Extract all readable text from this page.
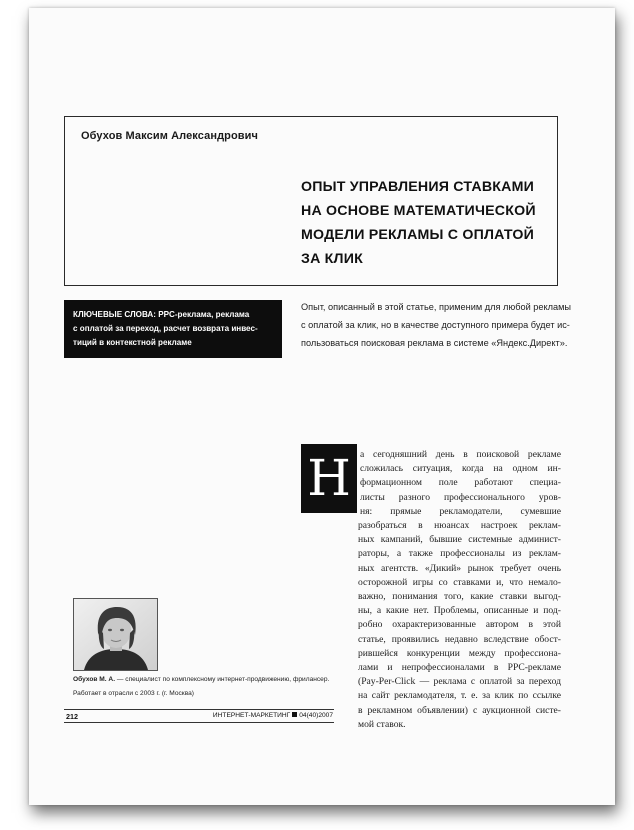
Обухов Максим Александрович
ОПЫТ УПРАВЛЕНИЯ СТАВКАМИ
НА ОСНОВЕ МАТЕМАТИЧЕСКОЙ
МОДЕЛИ РЕКЛАМЫ С ОПЛАТОЙ
ЗА КЛИК
КЛЮЧЕВЫЕ СЛОВА: PPC-реклама, реклама
с оплатой за переход, расчет возврата инвес-
тиций в контекстной рекламе
Опыт, описанный в этой статье, применим для любой рекламы
с оплатой за клик, но в качестве доступного примера будет ис-
пользоваться поисковая реклама в системе «Яндекс.Директ».
Н а сегодняшний день в поисковой рекламе
сложилась ситуация, когда на одном ин-
формационном поле работают специа-
листы разного профессионального уров-
ня: прямые рекламодатели, сумевшие
разобраться в нюансах настроек реклам-
ных кампаний, бывшие системные админист-
раторы, а также профессионалы из реклам-
ных агентств. «Дикий» рынок требует очень
осторожной игры со ставками и, что немало-
важно, понимания того, какие ставки выгод-
ны, а какие нет. Проблемы, описанные и под-
робно охарактеризованные автором в этой
статье, проявились недавно вследствие обост-
рившейся конкуренции между профессиона-
лами и непрофессионалами в PPC-рекламе
(Pay-Per-Click — реклама с оплатой за переход
на сайт рекламодателя, т. е. за клик по ссылке
в рекламном объявлении) с аукционной систе-
мой ставок.
Обухов М. А. — специалист по комплексному интернет-продвижению, фрилансер.
Работает в отрасли с 2003 г. (г. Москва)
212	ИНТЕРНЕТ-МАРКЕТИНГ 04(40)2007
